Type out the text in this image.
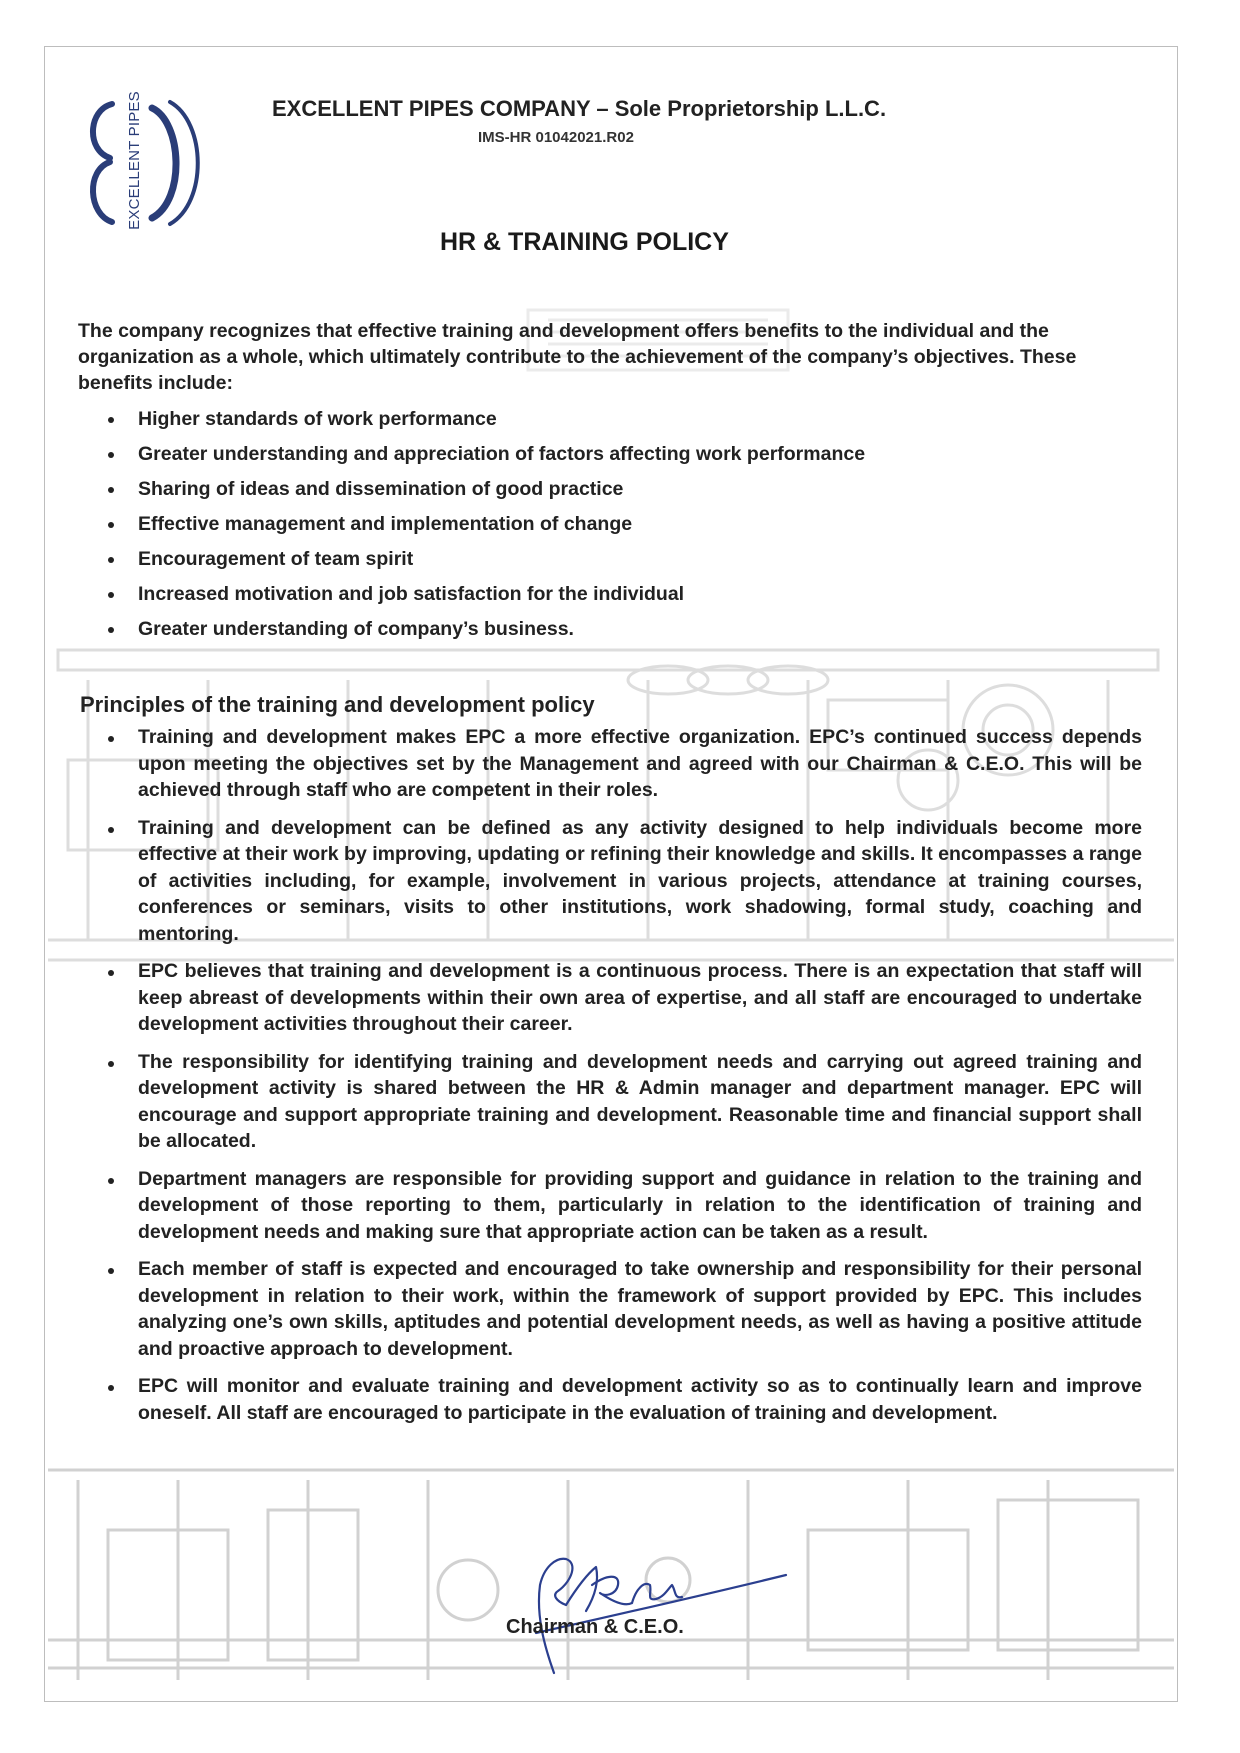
EXCELLENT PIPES	EXCELLENT PIPES COMPANY – Sole Proprietorship L.L.C.
IMS-HR 01042021.R02
HR & TRAINING POLICY

The company recognizes that effective training and development offers benefits to the individual and the organization as a whole, which ultimately contribute to the achievement of the company’s objectives. These benefits include:

Higher standards of work performance
Greater understanding and appreciation of factors affecting work performance
Sharing of ideas and dissemination of good practice
Effective management and implementation of change
Encouragement of team spirit
Increased motivation and job satisfaction for the individual
Greater understanding of company’s business.
Principles of the training and development policy
Training and development makes EPC a more effective organization. EPC’s continued success depends upon meeting the objectives set by the Management and agreed with our Chairman & C.E.O. This will be achieved through staff who are competent in their roles.
Training and development can be defined as any activity designed to help individuals become more effective at their work by improving, updating or refining their knowledge and skills. It encompasses a range of activities including, for example, involvement in various projects, attendance at training courses, conferences or seminars, visits to other institutions, work shadowing, formal study, coaching and mentoring.
EPC believes that training and development is a continuous process. There is an expectation that staff will keep abreast of developments within their own area of expertise, and all staff are encouraged to undertake development activities throughout their career.
The responsibility for identifying training and development needs and carrying out agreed training and development activity is shared between the HR & Admin manager and department manager. EPC will encourage and support appropriate training and development. Reasonable time and financial support shall be allocated.
Department managers are responsible for providing support and guidance in relation to the training and development of those reporting to them, particularly in relation to the identification of training and development needs and making sure that appropriate action can be taken as a result.
Each member of staff is expected and encouraged to take ownership and responsibility for their personal development in relation to their work, within the framework of support provided by EPC. This includes analyzing one’s own skills, aptitudes and potential development needs, as well as having a positive attitude and proactive approach to development.
EPC will monitor and evaluate training and development activity so as to continually learn and improve oneself. All staff are encouraged to participate in the evaluation of training and development.
Chairman & C.E.O.
